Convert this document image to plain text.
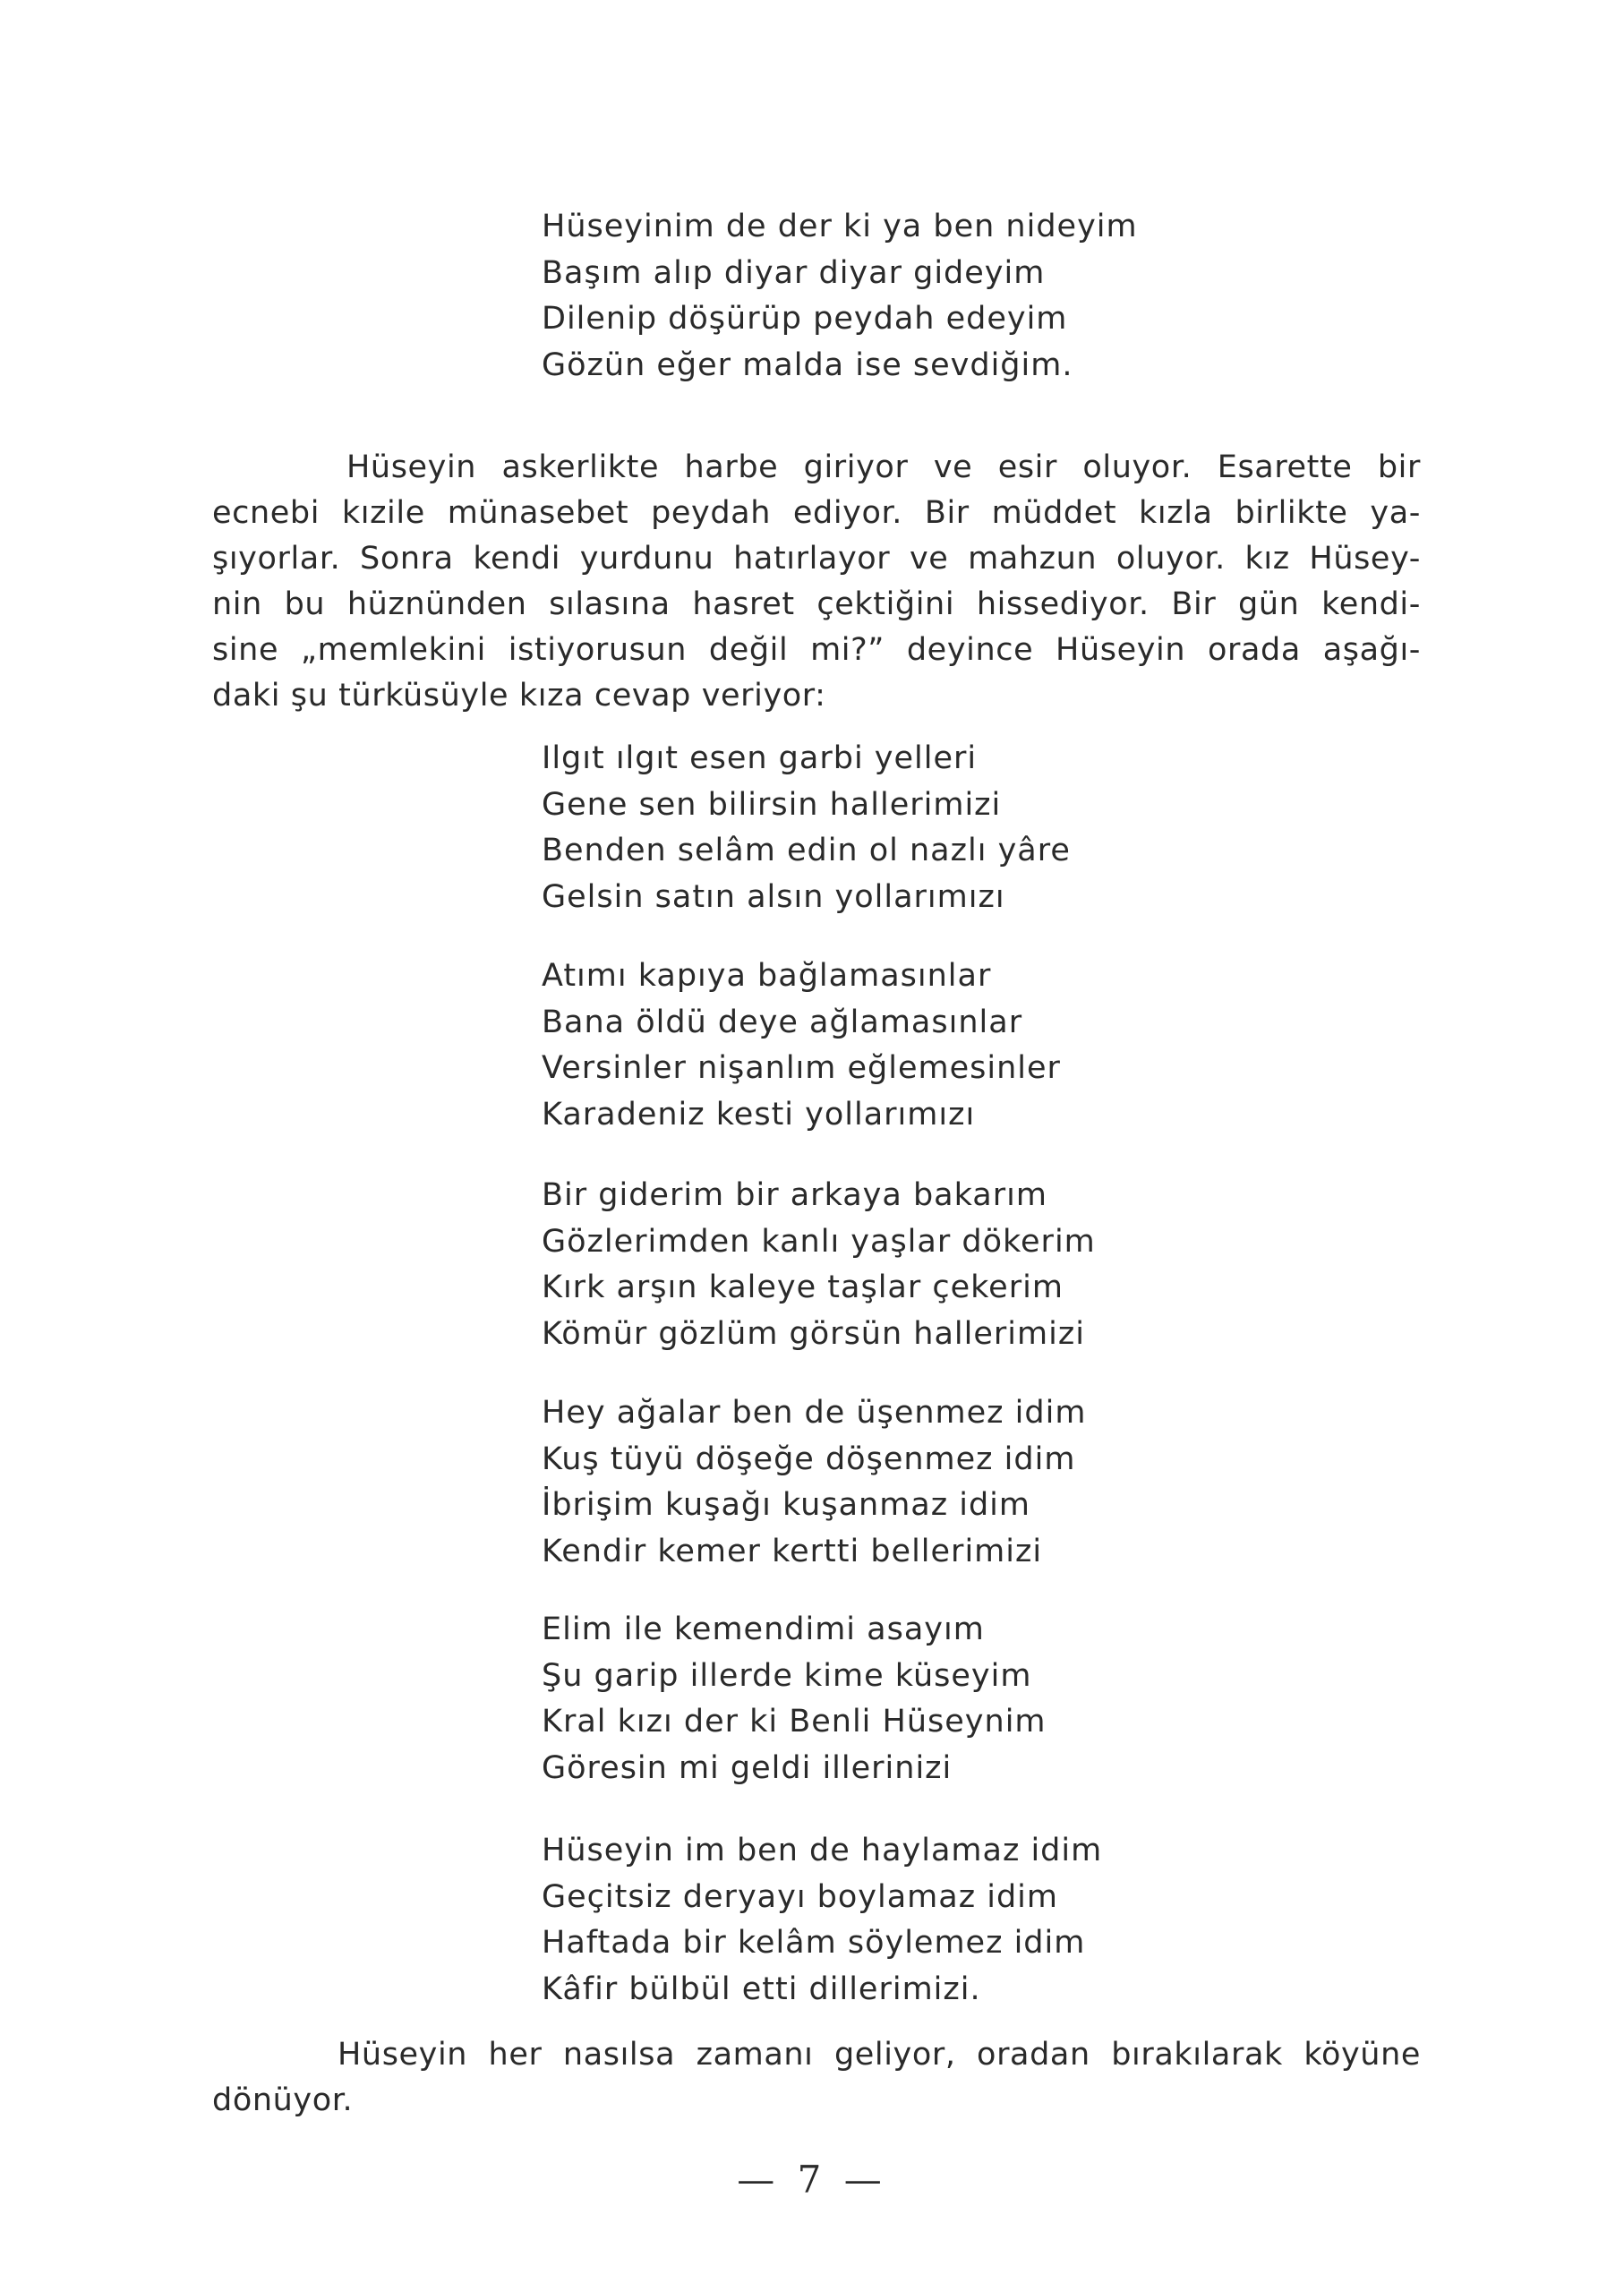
Hüseyinim de der ki ya ben nideyim
Başım alıp diyar diyar gideyim
Dilenip döşürüp peydah edeyim
Gözün eğer malda ise sevdiğim.
Hüseyin askerlikte harbe giriyor ve esir oluyor. Esarette bir
ecnebi kızile münasebet peydah ediyor. Bir müddet kızla birlikte ya-
şıyorlar. Sonra kendi yurdunu hatırlayor ve mahzun oluyor. kız Hüsey-
nin bu hüznünden sılasına hasret çektiğini hissediyor. Bir gün kendi-
sine „memlekini istiyorusun değil mi?” deyince Hüseyin orada aşağı-
daki şu türküsüyle kıza cevap veriyor:
Ilgıt ılgıt esen garbi yelleri
Gene sen bilirsin hallerimizi
Benden selâm edin ol nazlı yâre
Gelsin satın alsın yollarımızı
Atımı kapıya bağlamasınlar
Bana öldü deye ağlamasınlar
Versinler nişanlım eğlemesinler
Karadeniz kesti yollarımızı
Bir giderim bir arkaya bakarım
Gözlerimden kanlı yaşlar dökerim
Kırk arşın kaleye taşlar çekerim
Kömür gözlüm görsün hallerimizi
Hey ağalar ben de üşenmez idim
Kuş tüyü döşeğe döşenmez idim
İbrişim kuşağı kuşanmaz idim
Kendir kemer kertti bellerimizi
Elim ile kemendimi asayım
Şu garip illerde kime küseyim
Kral kızı der ki Benli Hüseynim
Göresin mi geldi illerinizi
Hüseyin im ben de haylamaz idim
Geçitsiz deryayı boylamaz idim
Haftada bir kelâm söylemez idim
Kâfir bülbül etti dillerimizi.
Hüseyin her nasılsa zamanı geliyor, oradan bırakılarak köyüne
dönüyor.
— 7 —
